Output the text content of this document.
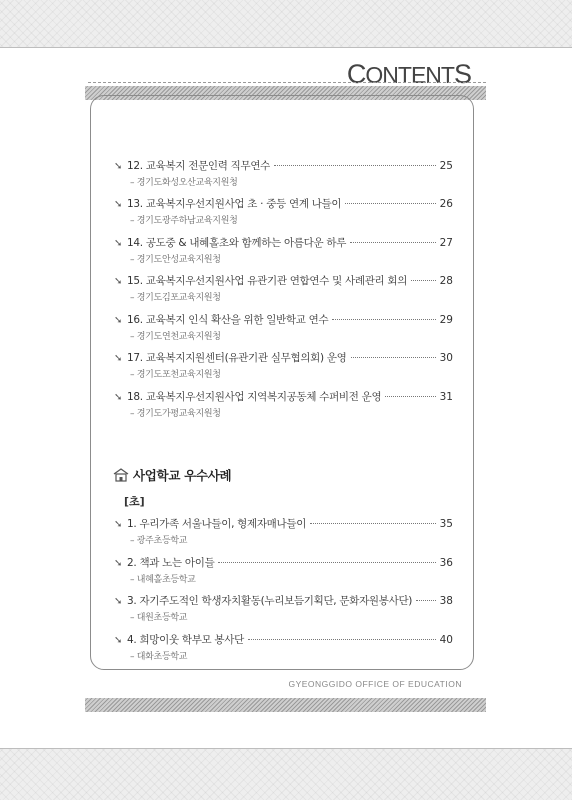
CONTENTS
➘ 12. 교육복지 전문인력 직무연수	25
– 경기도화성오산교육지원청
➘ 13. 교육복지우선지원사업 초 · 중등 연계 나들이	26
– 경기도광주하남교육지원청
➘ 14. 공도중 & 내혜홀초와 함께하는 아름다운 하루	27
– 경기도안성교육지원청
➘ 15. 교육복지우선지원사업 유관기관 연합연수 및 사례관리 회의	28
– 경기도김포교육지원청
➘ 16. 교육복지 인식 확산을 위한 일반학교 연수	29
– 경기도연천교육지원청
➘ 17. 교육복지지원센터(유관기관 실무협의회) 운영	30
– 경기도포천교육지원청
➘ 18. 교육복지우선지원사업 지역복지공동체 수퍼비전 운영	31
– 경기도가평교육지원청
사업학교 우수사례
[초]
➘ 1. 우리가족 서울나들이, 형제자매나들이	35
– 광주초등학교
➘ 2. 책과 노는 아이들	36
– 내혜홀초등학교
➘ 3. 자기주도적인 학생자치활동(누리보듬기획단, 문화자원봉사단)	38
– 대원초등학교
➘ 4. 희망이웃 학부모 봉사단	40
– 대화초등학교
GYEONGGIDO OFFICE OF EDUCATION
